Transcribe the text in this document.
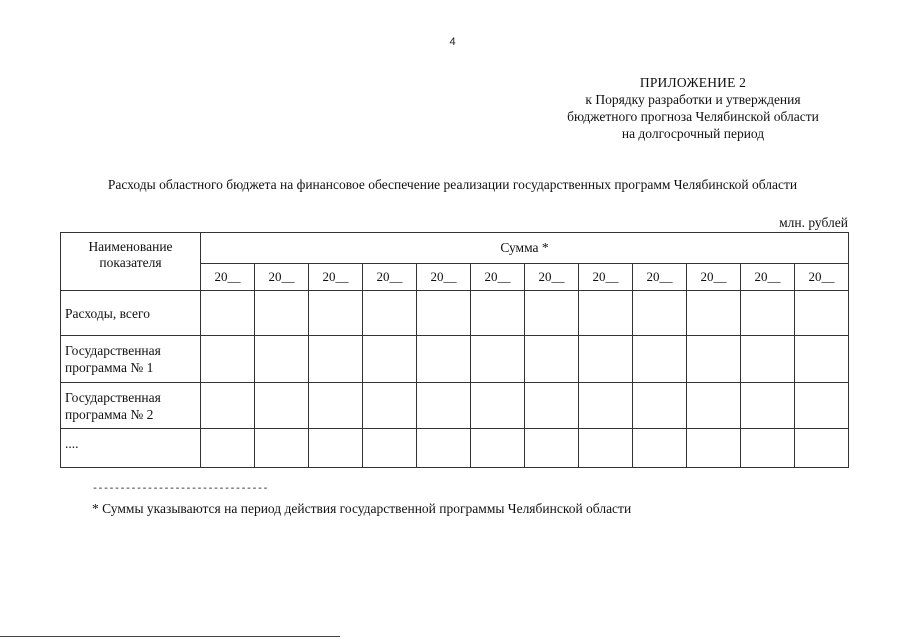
4
ПРИЛОЖЕНИЕ 2
к Порядку разработки и утверждения
бюджетного прогноза Челябинской области
на долгосрочный период
Расходы областного бюджета на финансовое обеспечение реализации государственных программ Челябинской области
млн. рублей
Наименование показателя	Сумма *											
	20__	20__	20__	20__	20__	20__	20__	20__	20__	20__	20__	20__
Расходы, всего												
Государственная программа № 1												
Государственная программа № 2												
....												
--------------------------------
* Суммы указываются на период действия государственной программы Челябинской области
